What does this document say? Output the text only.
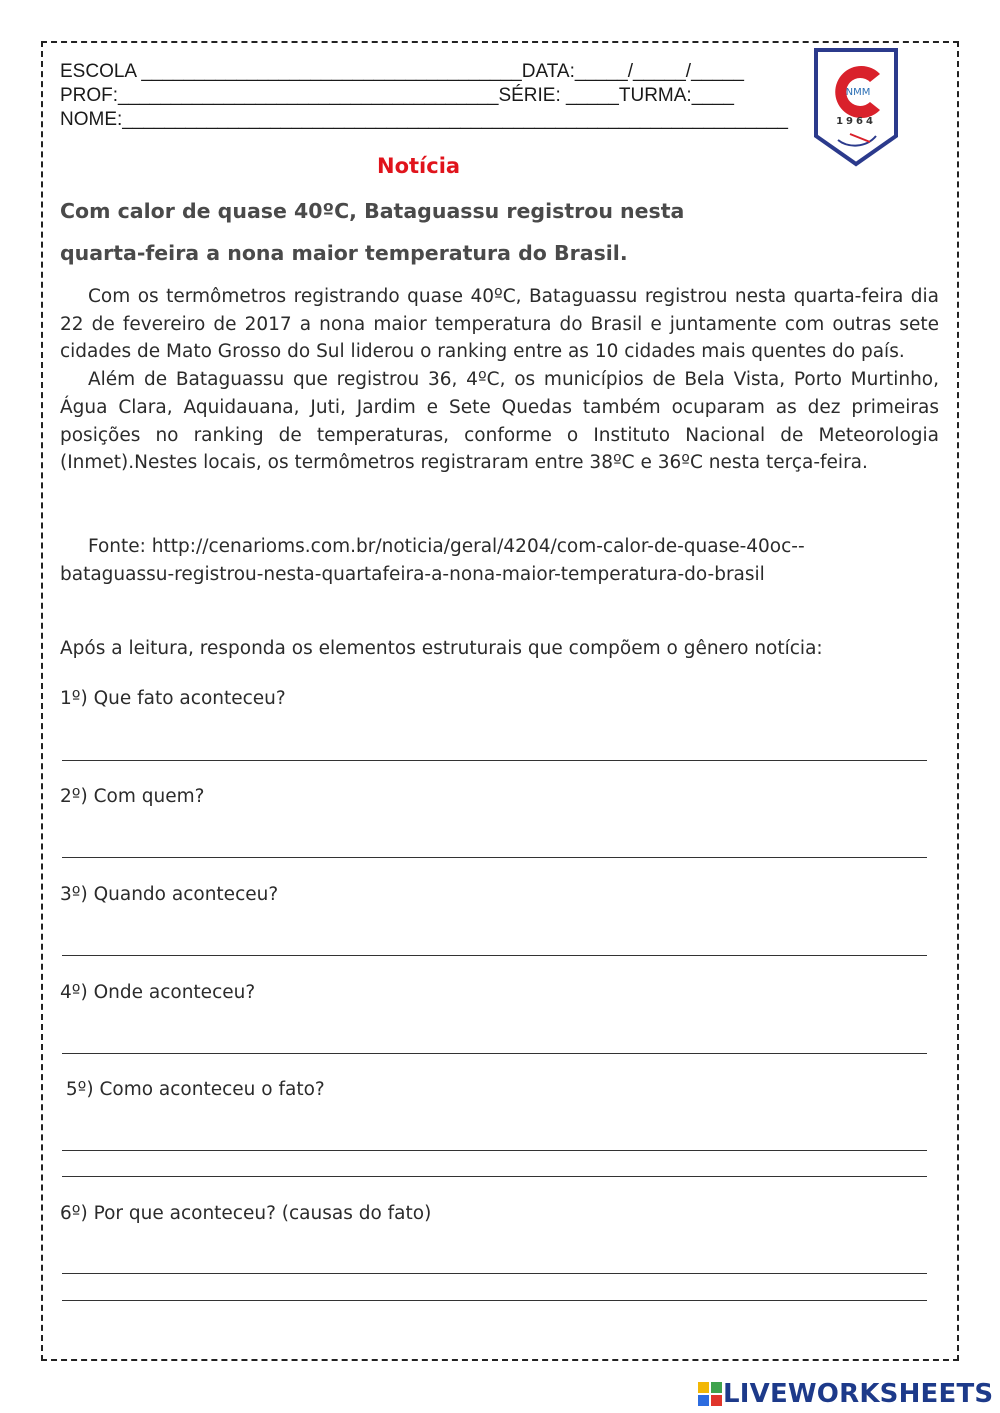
ESCOLA ____________________________________DATA:_____/_____/_____
PROF:____________________________________SÉRIE: _____TURMA:____
NOME:_______________________________________________________________
NMM
1964
Notícia
Com calor de quase 40ºC, Bataguassu registrou nesta
quarta-feira a nona maior temperatura do Brasil.

Com os termômetros registrando quase 40ºC, Bataguassu registrou nesta quarta-feira dia 22 de fevereiro de 2017 a nona maior temperatura do Brasil e juntamente com outras sete cidades de Mato Grosso do Sul liderou o ranking entre as 10 cidades mais quentes do país.

Além de Bataguassu que registrou 36, 4ºC, os municípios de Bela Vista, Porto Murtinho, Água Clara, Aquidauana, Juti, Jardim e Sete Quedas também ocuparam as dez primeiras posições no ranking de temperaturas, conforme o Instituto Nacional de Meteorologia (Inmet).Nestes locais, os termômetros registraram entre 38ºC e 36ºC nesta terça-feira.

Fonte: http://cenarioms.com.br/noticia/geral/4204/com-calor-de-quase-40oc--
bataguassu-registrou-nesta-quartafeira-a-nona-maior-temperatura-do-brasil
Após a leitura, responda os elementos estruturais que compõem o gênero notícia:
1º) Que fato aconteceu?
2º) Com quem?
3º) Quando aconteceu?
4º) Onde aconteceu?
5º) Como aconteceu o fato?
6º) Por que aconteceu? (causas do fato)
LIVEWORKSHEETS
